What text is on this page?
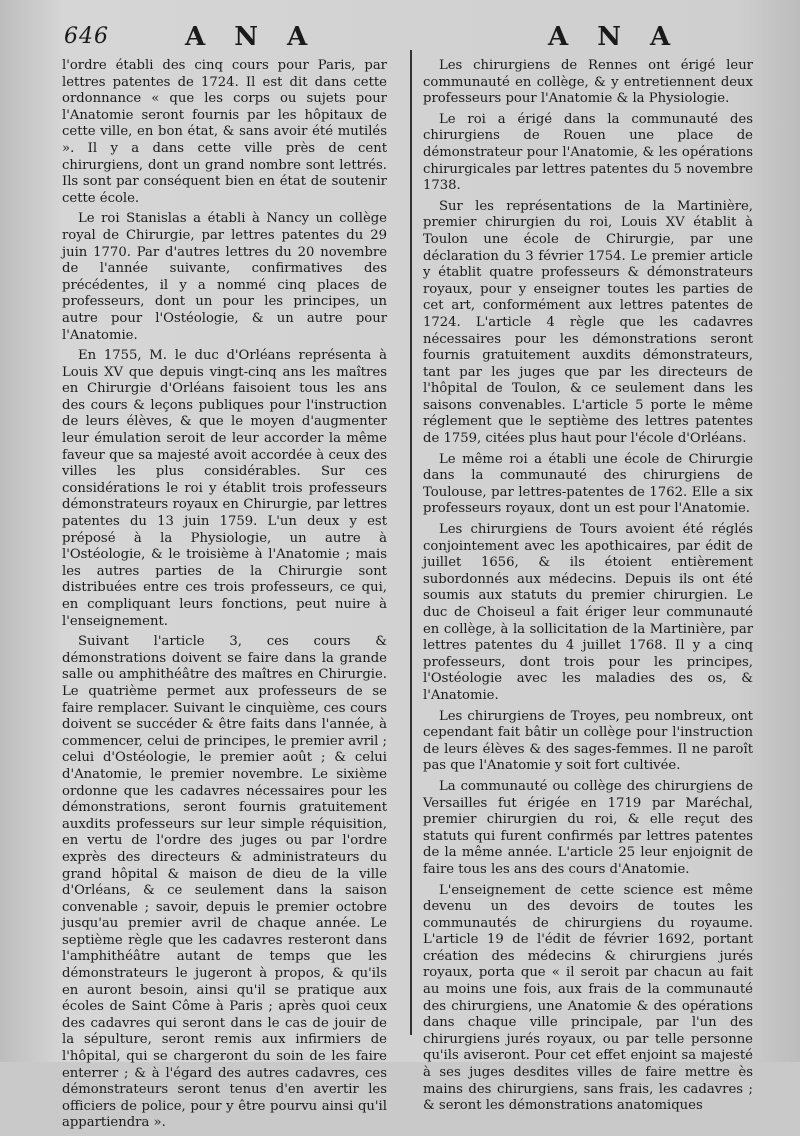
646	A N A	A N A

l'ordre établi des cinq cours pour Paris, par lettres patentes de 1724. Il est dit dans cette ordonnance « que les corps ou sujets pour l'Anatomie seront fournis par les hôpitaux de cette ville, en bon état, & sans avoir été mutilés ». Il y a dans cette ville près de cent chirurgiens, dont un grand nombre sont lettrés. Ils sont par conséquent bien en état de soutenir cette école.

Le roi Stanislas a établi à Nancy un collège royal de Chirurgie, par lettres patentes du 29 juin 1770. Par d'autres lettres du 20 novembre de l'année suivante, confirmatives des précédentes, il y a nommé cinq places de professeurs, dont un pour les principes, un autre pour l'Ostéologie, & un autre pour l'Anatomie.

En 1755, M. le duc d'Orléans représenta à Louis XV que depuis vingt-cinq ans les maîtres en Chirurgie d'Orléans faisoient tous les ans des cours & leçons publiques pour l'instruction de leurs élèves, & que le moyen d'augmenter leur émulation seroit de leur accorder la même faveur que sa majesté avoit accordée à ceux des villes les plus considérables. Sur ces considérations le roi y établit trois professeurs démonstrateurs royaux en Chirurgie, par lettres patentes du 13 juin 1759. L'un deux y est préposé à la Physiologie, un autre à l'Ostéologie, & le troisième à l'Anatomie ; mais les autres parties de la Chirurgie sont distribuées entre ces trois professeurs, ce qui, en compliquant leurs fonctions, peut nuire à l'enseignement.

Suivant l'article 3, ces cours & démonstrations doivent se faire dans la grande salle ou amphithéâtre des maîtres en Chirurgie. Le quatrième permet aux professeurs de se faire remplacer. Suivant le cinquième, ces cours doivent se succéder & être faits dans l'année, à commencer, celui de principes, le premier avril ; celui d'Ostéologie, le premier août ; & celui d'Anatomie, le premier novembre. Le sixième ordonne que les cadavres nécessaires pour les démonstrations, seront fournis gratuitement auxdits professeurs sur leur simple réquisition, en vertu de l'ordre des juges ou par l'ordre exprès des directeurs & administrateurs du grand hôpital & maison de dieu de la ville d'Orléans, & ce seulement dans la saison convenable ; savoir, depuis le premier octobre jusqu'au premier avril de chaque année. Le septième règle que les cadavres resteront dans l'amphithéâtre autant de temps que les démonstrateurs le jugeront à propos, & qu'ils en auront besoin, ainsi qu'il se pratique aux écoles de Saint Côme à Paris ; après quoi ceux des cadavres qui seront dans le cas de jouir de la sépulture, seront remis aux infirmiers de l'hôpital, qui se chargeront du soin de les faire enterrer ; & à l'égard des autres cadavres, ces démonstrateurs seront tenus d'en avertir les officiers de police, pour y être pourvu ainsi qu'il appartiendra ».

Les chirurgiens de Rennes ont érigé leur communauté en collège, & y entretiennent deux professeurs pour l'Anatomie & la Physiologie.

Le roi a érigé dans la communauté des chirurgiens de Rouen une place de démonstrateur pour l'Anatomie, & les opérations chirurgicales par lettres patentes du 5 novembre 1738.

Sur les représentations de la Martinière, premier chirurgien du roi, Louis XV établit à Toulon une école de Chirurgie, par une déclaration du 3 février 1754. Le premier article y établit quatre professeurs & démonstrateurs royaux, pour y enseigner toutes les parties de cet art, conformément aux lettres patentes de 1724. L'article 4 règle que les cadavres nécessaires pour les démonstrations seront fournis gratuitement auxdits démonstrateurs, tant par les juges que par les directeurs de l'hôpital de Toulon, & ce seulement dans les saisons convenables. L'article 5 porte le même réglement que le septième des lettres patentes de 1759, citées plus haut pour l'école d'Orléans.

Le même roi a établi une école de Chirurgie dans la communauté des chirurgiens de Toulouse, par lettres-patentes de 1762. Elle a six professeurs royaux, dont un est pour l'Anatomie.

Les chirurgiens de Tours avoient été réglés conjointement avec les apothicaires, par édit de juillet 1656, & ils étoient entièrement subordonnés aux médecins. Depuis ils ont été soumis aux statuts du premier chirurgien. Le duc de Choiseul a fait ériger leur communauté en collège, à la sollicitation de la Martinière, par lettres patentes du 4 juillet 1768. Il y a cinq professeurs, dont trois pour les principes, l'Ostéologie avec les maladies des os, & l'Anatomie.

Les chirurgiens de Troyes, peu nombreux, ont cependant fait bâtir un collège pour l'instruction de leurs élèves & des sages-femmes. Il ne paroît pas que l'Anatomie y soit fort cultivée.

La communauté ou collège des chirurgiens de Versailles fut érigée en 1719 par Maréchal, premier chirurgien du roi, & elle reçut des statuts qui furent confirmés par lettres patentes de la même année. L'article 25 leur enjoignit de faire tous les ans des cours d'Anatomie.

L'enseignement de cette science est même devenu un des devoirs de toutes les communautés de chirurgiens du royaume. L'article 19 de l'édit de février 1692, portant création des médecins & chirurgiens jurés royaux, porta que « il seroit par chacun au fait au moins une fois, aux frais de la communauté des chirurgiens, une Anatomie & des opérations dans chaque ville principale, par l'un des chirurgiens jurés royaux, ou par telle personne qu'ils aviseront. Pour cet effet enjoint sa majesté à ses juges desdites villes de faire mettre ès mains des chirurgiens, sans frais, les cadavres ; & seront les démonstrations anatomiques
